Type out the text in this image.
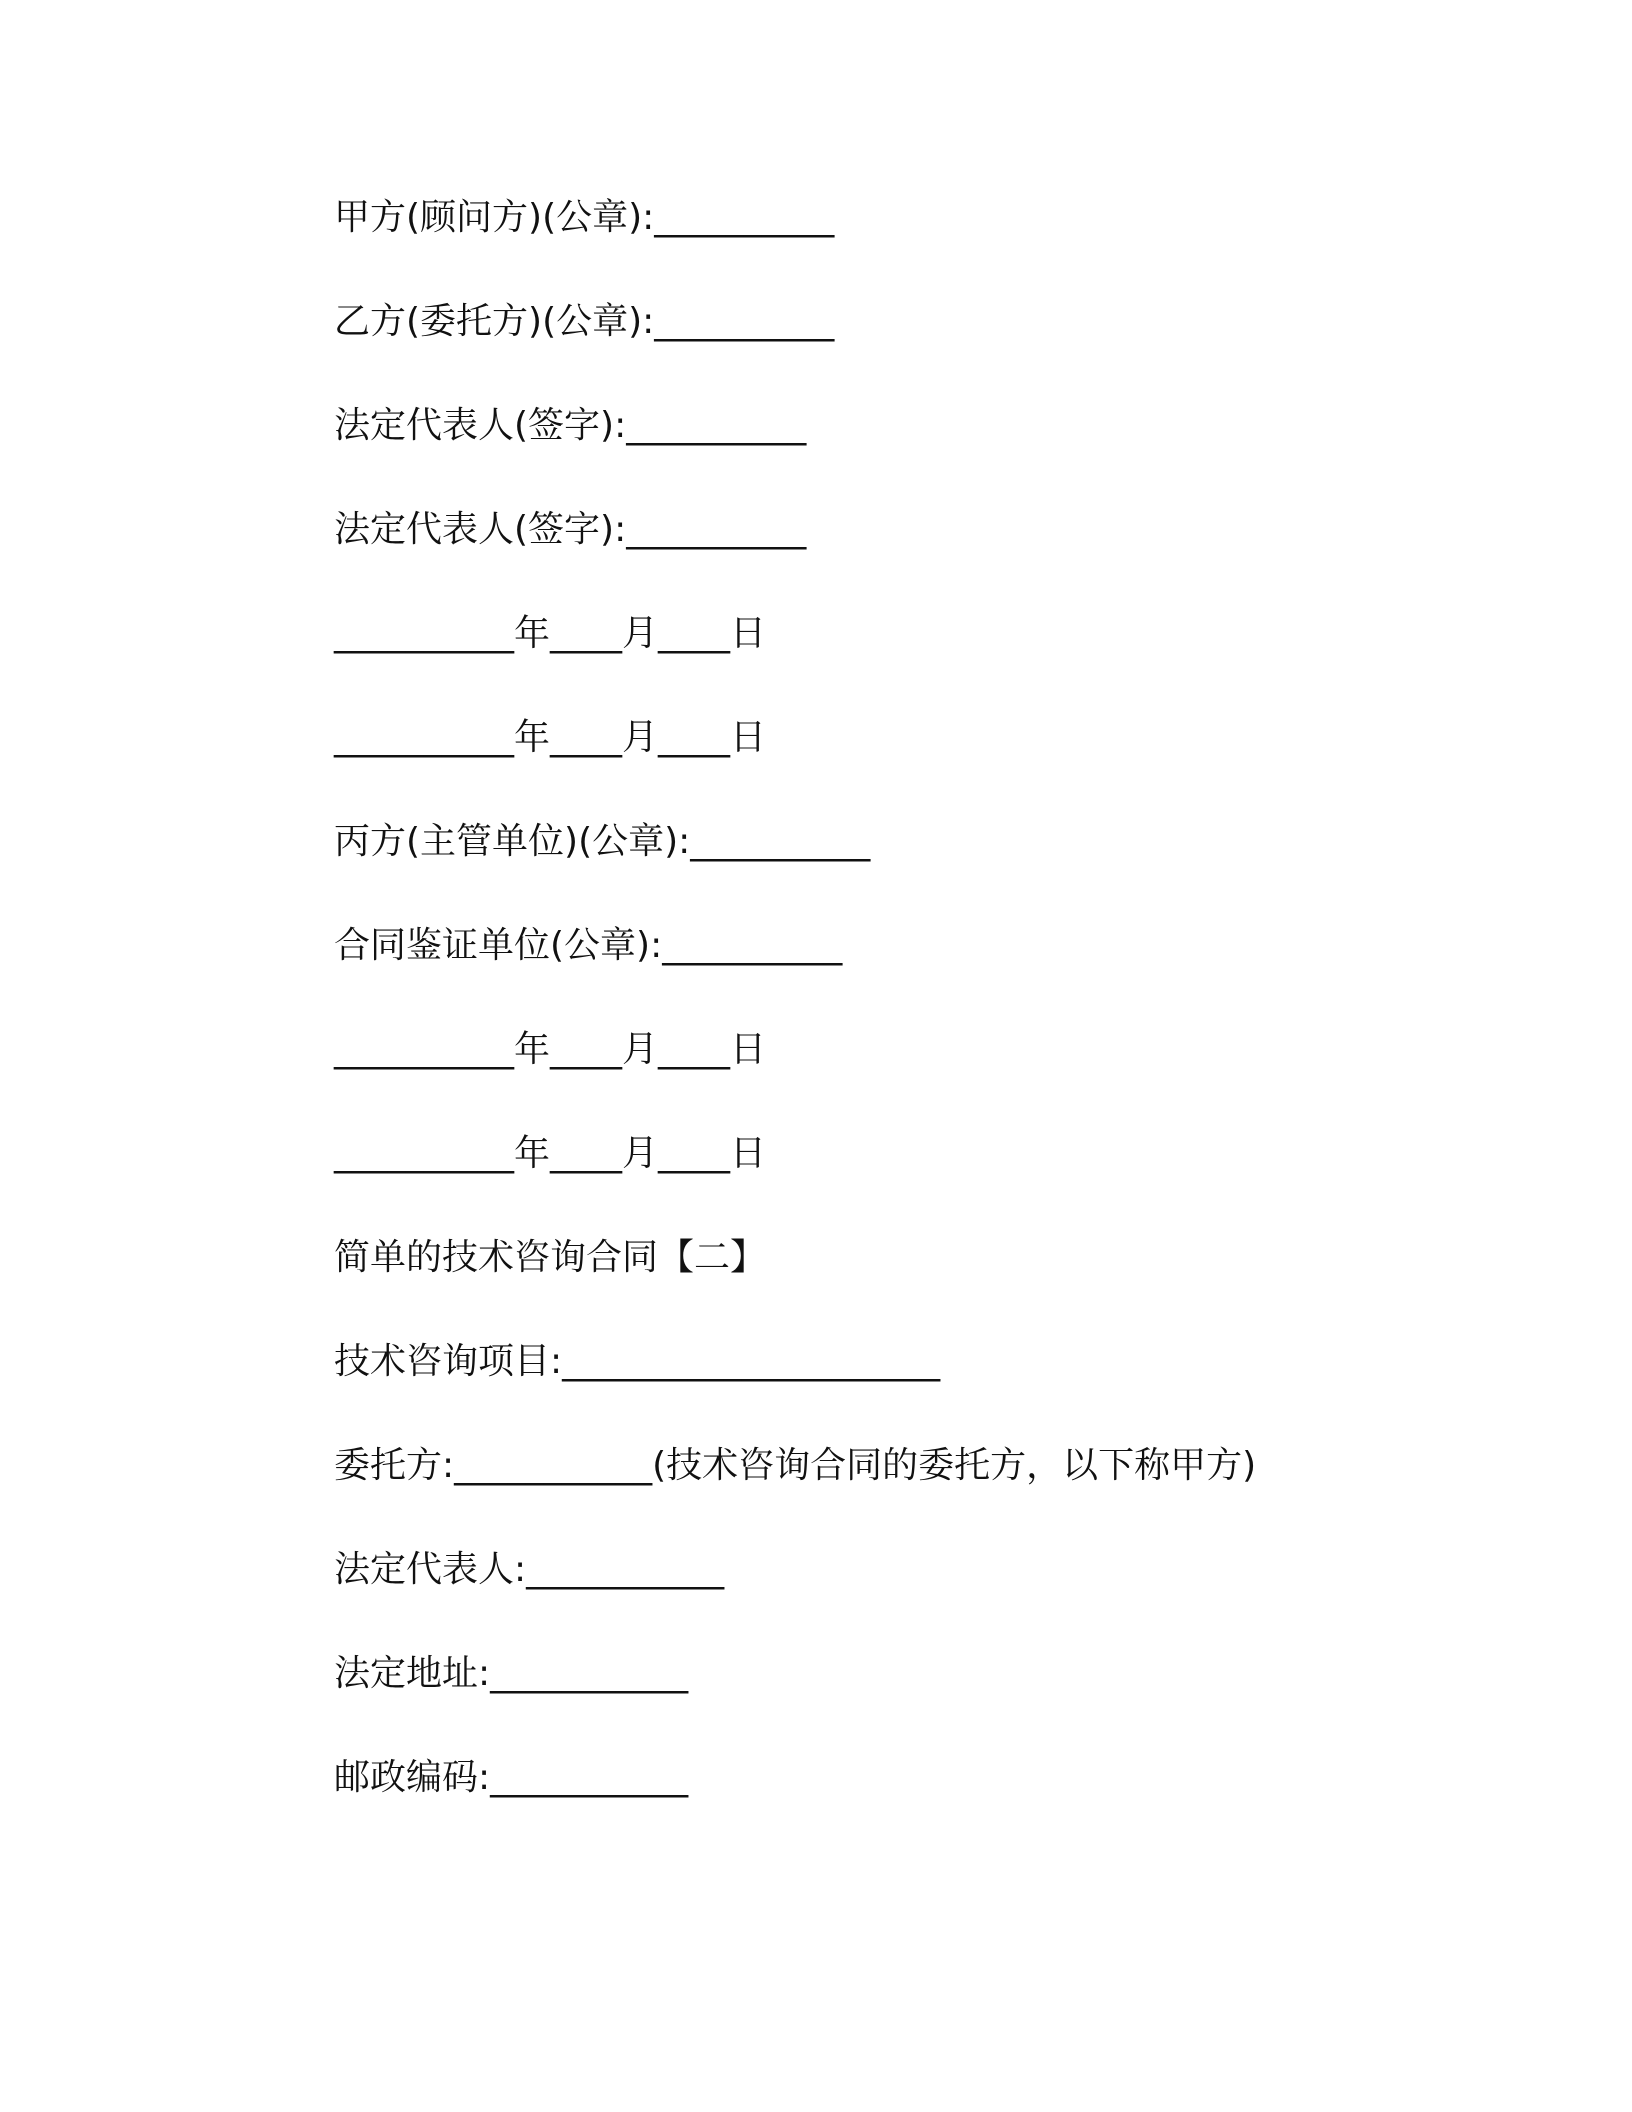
甲方(顾问方)(公章):__________
乙方(委托方)(公章):__________
法定代表人(签字):__________
法定代表人(签字):__________
__________年____月____日
__________年____月____日
丙方(主管单位)(公章):__________
合同鉴证单位(公章):__________
__________年____月____日
__________年____月____日
简单的技术咨询合同【二】
技术咨询项目:_____________________
委托方:___________(技术咨询合同的委托方，以下称甲方)
法定代表人:___________
法定地址:___________
邮政编码:___________
